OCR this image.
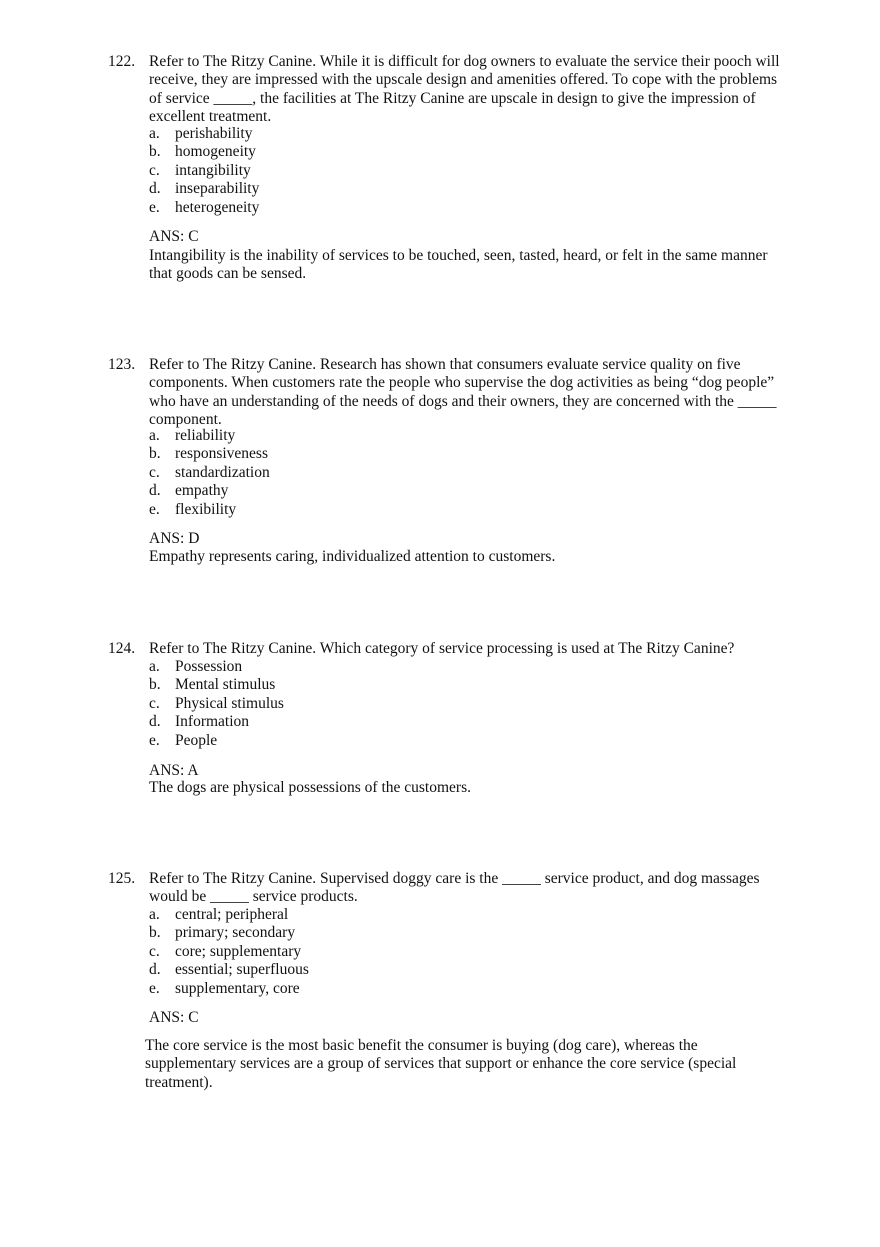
122. Refer to The Ritzy Canine. While it is difficult for dog owners to evaluate the service their pooch will
receive, they are impressed with the upscale design and amenities offered. To cope with the problems
of service _____, the facilities at The Ritzy Canine are upscale in design to give the impression of
excellent treatment.
a. perishability
b. homogeneity
c. intangibility
d. inseparability
e. heterogeneity
ANS: C
Intangibility is the inability of services to be touched, seen, tasted, heard, or felt in the same manner
that goods can be sensed.
123. Refer to The Ritzy Canine. Research has shown that consumers evaluate service quality on five
components. When customers rate the people who supervise the dog activities as being “dog people”
who have an understanding of the needs of dogs and their owners, they are concerned with the _____
component.
a. reliability
b. responsiveness
c. standardization
d. empathy
e. flexibility
ANS: D
Empathy represents caring, individualized attention to customers.
124. Refer to The Ritzy Canine. Which category of service processing is used at The Ritzy Canine?
a. Possession
b. Mental stimulus
c. Physical stimulus
d. Information
e. People
ANS: A
The dogs are physical possessions of the customers.
125. Refer to The Ritzy Canine. Supervised doggy care is the _____ service product, and dog massages
would be _____ service products.
a. central; peripheral
b. primary; secondary
c. core; supplementary
d. essential; superfluous
e. supplementary, core
ANS: C
The core service is the most basic benefit the consumer is buying (dog care), whereas the
supplementary services are a group of services that support or enhance the core service (special
treatment).
